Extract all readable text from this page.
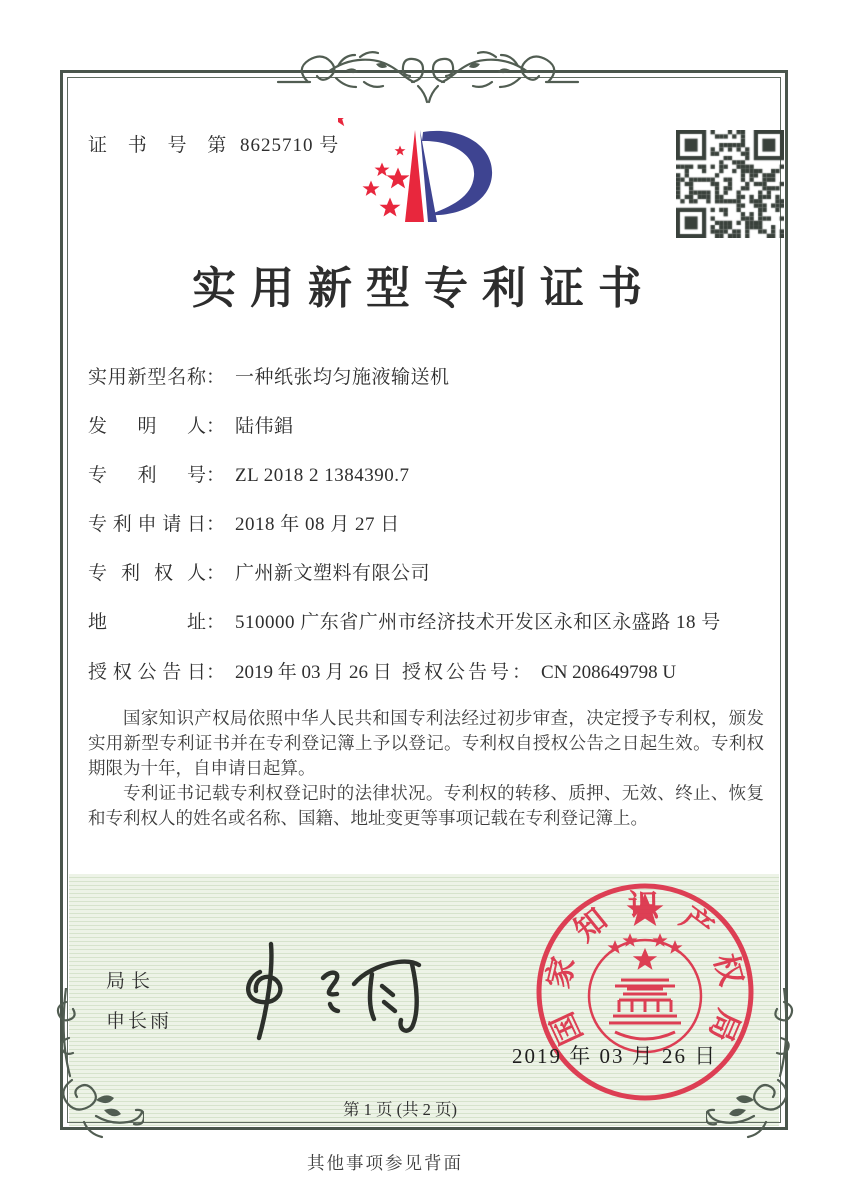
证 书 号 第 8625710 号
实用新型专利证书
实用新型名称： 一种纸张均匀施液输送机
发明人： 陆伟錩
专利号： ZL 2018 2 1384390.7
专利申请日： 2018 年 08 月 27 日
专利权人： 广州新文塑料有限公司
地址： 510000 广东省广州市经济技术开发区永和区永盛路 18 号
授权公告日： 2019 年 03 月 26 日 授权公告号： CN 208649798 U

国家知识产权局依照中华人民共和国专利法经过初步审查，决定授予专利权，颁发实用新型专利证书并在专利登记簿上予以登记。专利权自授权公告之日起生效。专利权期限为十年，自申请日起算。

专利证书记载专利权登记时的法律状况。专利权的转移、质押、无效、终止、恢复和专利权人的姓名或名称、国籍、地址变更等事项记载在专利登记簿上。

局长
申长雨	国
家
知 产
权
局
2019 年 03 月 26 日
第 1 页 (共 2 页)
其他事项参见背面
